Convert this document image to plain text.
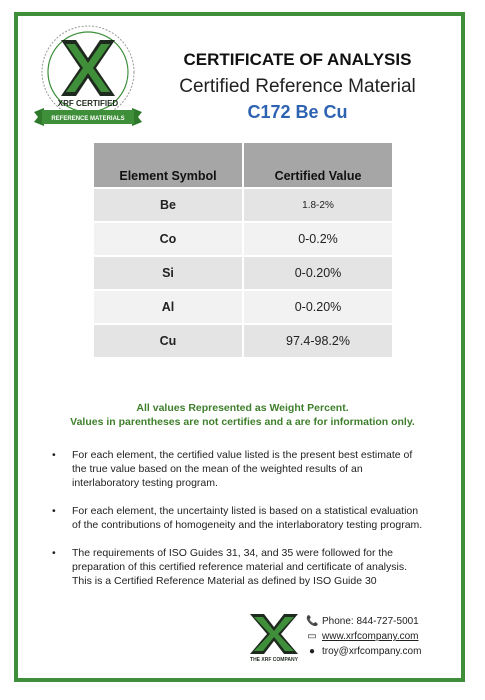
XRF CERTIFIED
REFERENCE MATERIALS
CERTIFICATE OF ANALYSIS
Certified Reference Material
C172 Be Cu
Element Symbol	Certified Value
Be	1.8-2%
Co	0-0.2%
Si	0-0.20%
Al	0-0.20%
Cu	97.4-98.2%
All values Represented as Weight Percent.
Values in parentheses are not certifies and a are for information only.
• For each element, the certified value listed is the present best estimate of the true value based on the mean of the weighted results of an interlaboratory testing program.
• For each element, the uncertainty listed is based on a statistical evaluation of the contributions of homogeneity and the interlaboratory testing program.
• The requirements of ISO Guides 31, 34, and 35 were followed for the preparation of this certified reference material and certificate of analysis. This is a Certified Reference Material as defined by ISO Guide 30
THE XRF COMPANY
📞 Phone: 844-727-5001
▭ www.xrfcompany.com
● troy@xrfcompany.com
